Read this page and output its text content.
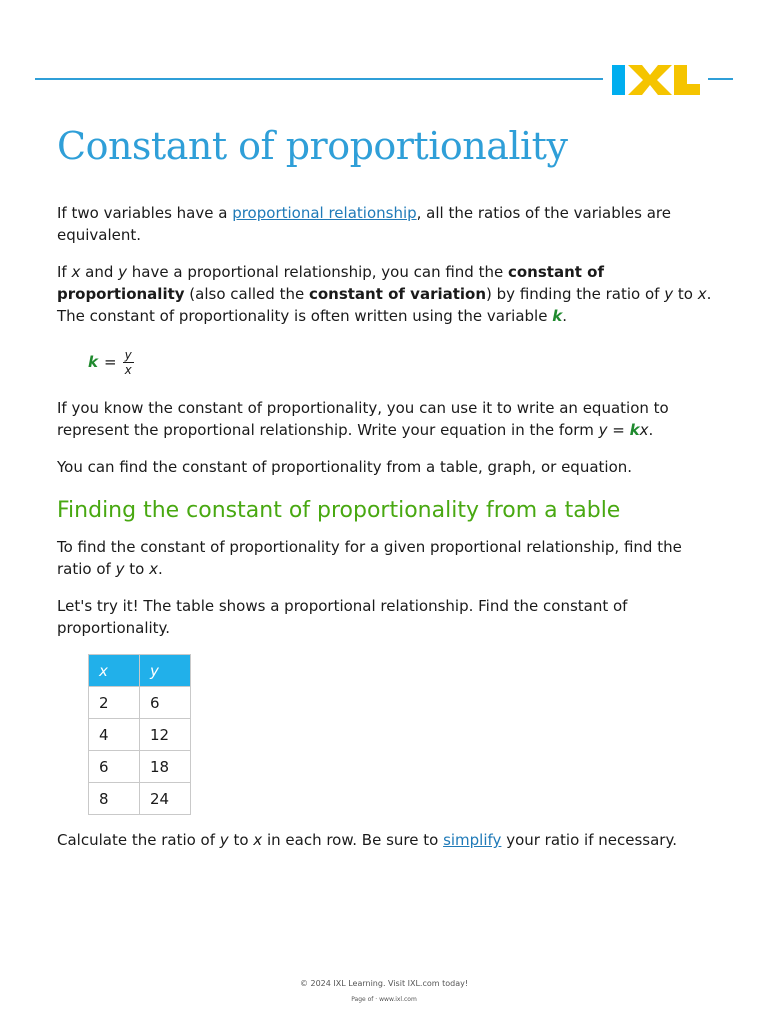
Constant of proportionality

If two variables have a proportional relationship, all the ratios of the variables are equivalent.

If x and y have a proportional relationship, you can find the constant of proportionality (also called the constant of variation) by finding the ratio of y to x. The constant of proportionality is often written using the variable k.

$k = \frac{y}{x}$

If you know the constant of proportionality, you can use it to write an equation to represent the proportional relationship. Write your equation in the form y = kx.

You can find the constant of proportionality from a table, graph, or equation.

Finding the constant of proportionality from a table

To find the constant of proportionality for a given proportional relationship, find the ratio of y to x.

Let's try it! The table shows a proportional relationship. Find the constant of proportionality.

x	y
2	6
4	12
6	18
8	24

Calculate the ratio of y to x in each row. Be sure to simplify your ratio if necessary.

© 2024 IXL Learning. Visit IXL.com today!
Page of · www.ixl.com
